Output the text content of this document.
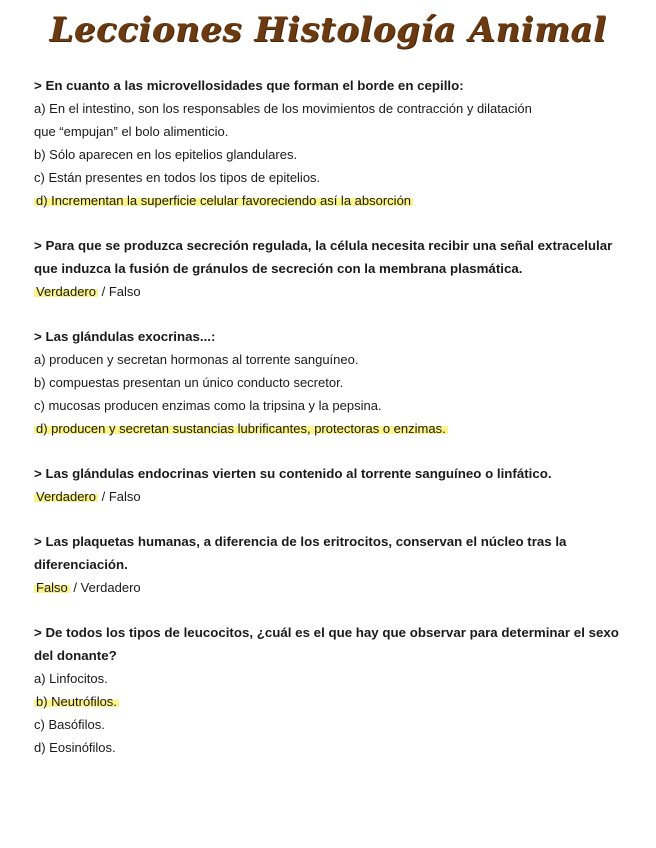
Lecciones Histología Animal

> En cuanto a las microvellosidades que forman el borde en cepillo:

a) En el intestino, son los responsables de los movimientos de contracción y dilatación

que “empujan” el bolo alimenticio.

b) Sólo aparecen en los epitelios glandulares.

c) Están presentes en todos los tipos de epitelios.

d) Incrementan la superficie celular favoreciendo así la absorción

> Para que se produzca secreción regulada, la célula necesita recibir una señal extracelular que induzca la fusión de gránulos de secreción con la membrana plasmática.

Verdadero / Falso

> Las glándulas exocrinas...:

a) producen y secretan hormonas al torrente sanguíneo.

b) compuestas presentan un único conducto secretor.

c) mucosas producen enzimas como la tripsina y la pepsina.

d) producen y secretan sustancias lubrificantes, protectoras o enzimas.

> Las glándulas endocrinas vierten su contenido al torrente sanguíneo o linfático.

Verdadero / Falso

> Las plaquetas humanas, a diferencia de los eritrocitos, conservan el núcleo tras la diferenciación.

Falso / Verdadero

> De todos los tipos de leucocitos, ¿cuál es el que hay que observar para determinar el sexo del donante?

a) Linfocitos.

b) Neutrófilos.

c) Basófilos.

d) Eosinófilos.
